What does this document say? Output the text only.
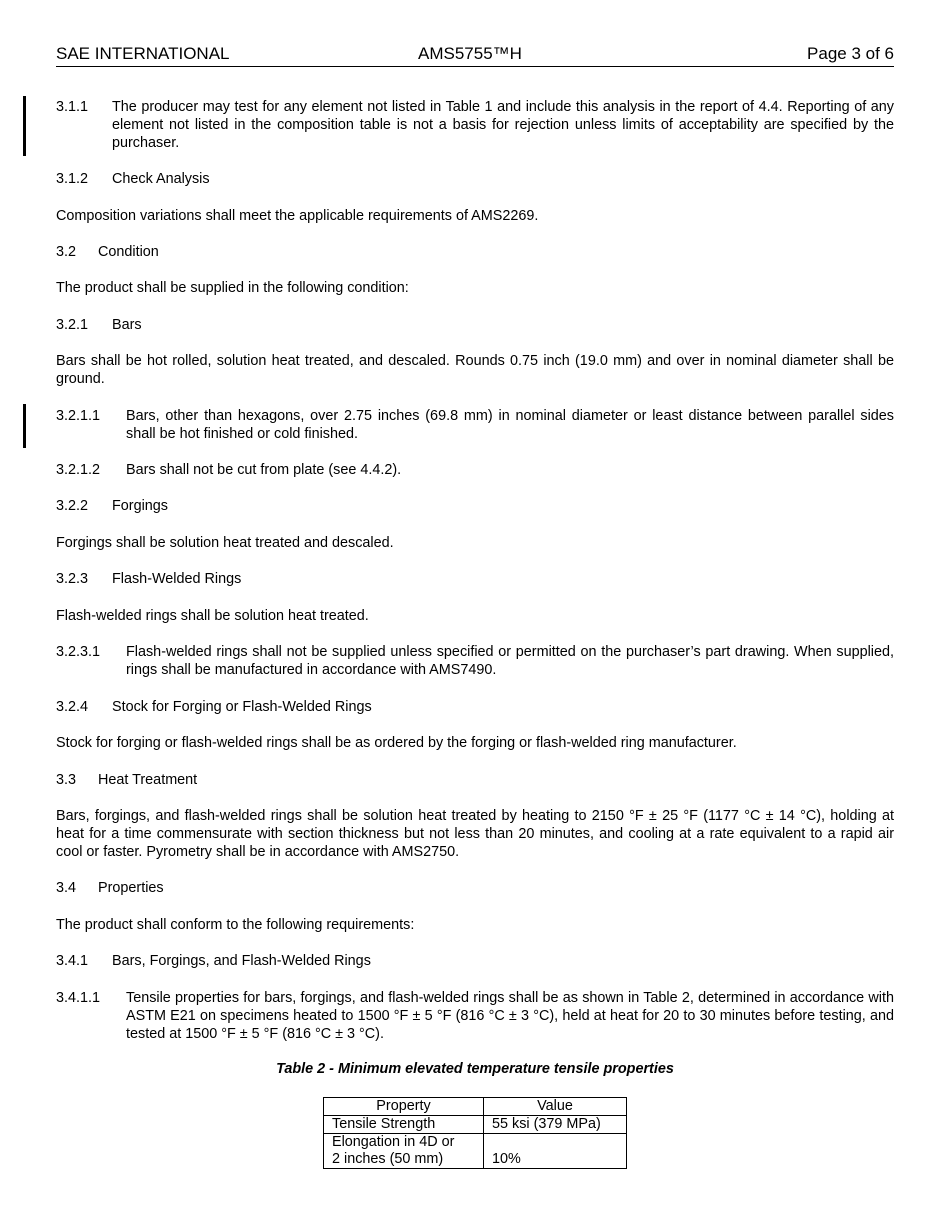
SAE INTERNATIONAL	AMS5755™H	Page 3 of 6
3.1.1 The producer may test for any element not listed in Table 1 and include this analysis in the report of 4.4. Reporting of any element not listed in the composition table is not a basis for rejection unless limits of acceptability are specified by the purchaser.
3.1.2 Check Analysis
Composition variations shall meet the applicable requirements of AMS2269.
3.2 Condition
The product shall be supplied in the following condition:
3.2.1 Bars
Bars shall be hot rolled, solution heat treated, and descaled. Rounds 0.75 inch (19.0 mm) and over in nominal diameter shall be ground.
3.2.1.1 Bars, other than hexagons, over 2.75 inches (69.8 mm) in nominal diameter or least distance between parallel sides shall be hot finished or cold finished.
3.2.1.2 Bars shall not be cut from plate (see 4.4.2).
3.2.2 Forgings
Forgings shall be solution heat treated and descaled.
3.2.3 Flash-Welded Rings
Flash-welded rings shall be solution heat treated.
3.2.3.1 Flash-welded rings shall not be supplied unless specified or permitted on the purchaser’s part drawing. When supplied, rings shall be manufactured in accordance with AMS7490.
3.2.4 Stock for Forging or Flash-Welded Rings
Stock for forging or flash-welded rings shall be as ordered by the forging or flash-welded ring manufacturer.
3.3 Heat Treatment
Bars, forgings, and flash-welded rings shall be solution heat treated by heating to 2150 °F ± 25 °F (1177 °C ± 14 °C), holding at heat for a time commensurate with section thickness but not less than 20 minutes, and cooling at a rate equivalent to a rapid air cool or faster. Pyrometry shall be in accordance with AMS2750.
3.4 Properties
The product shall conform to the following requirements:
3.4.1 Bars, Forgings, and Flash-Welded Rings
3.4.1.1 Tensile properties for bars, forgings, and flash-welded rings shall be as shown in Table 2, determined in accordance with ASTM E21 on specimens heated to 1500 °F ± 5 °F (816 °C ± 3 °C), held at heat for 20 to 30 minutes before testing, and tested at 1500 °F ± 5 °F (816 °C ± 3 °C).
Table 2 - Minimum elevated temperature tensile properties
Property	Value
Tensile Strength	55 ksi (379 MPa)
Elongation in 4D or
2 inches (50 mm)	10%
